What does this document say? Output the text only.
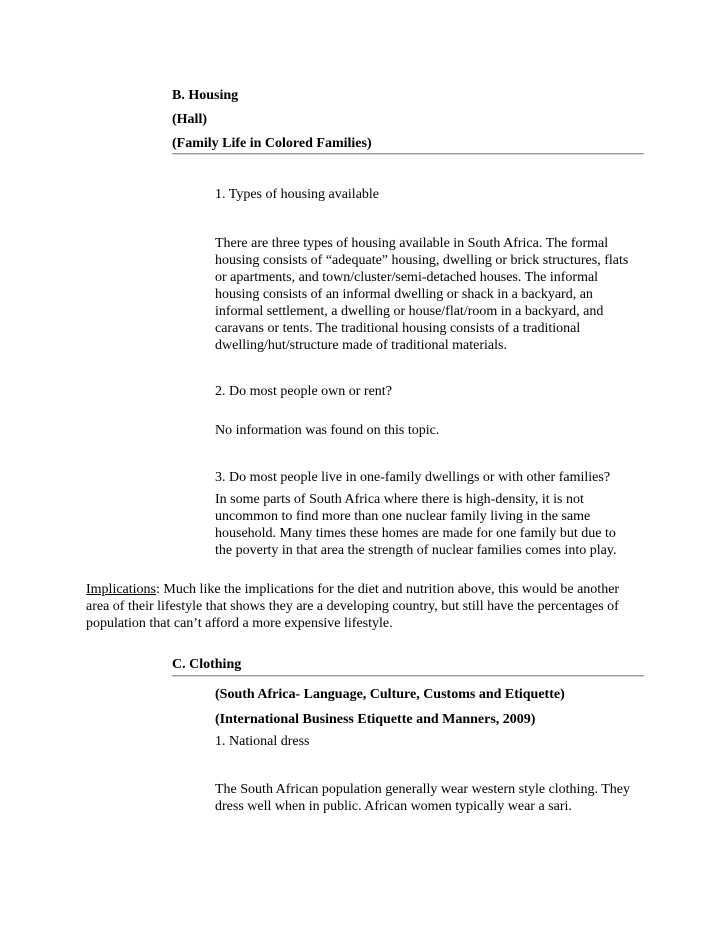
B. Housing
(Hall)
(Family Life in Colored Families)
1. Types of housing available
There are three types of housing available in South Africa. The formal
housing consists of “adequate” housing, dwelling or brick structures, flats
or apartments, and town/cluster/semi-detached houses. The informal
housing consists of an informal dwelling or shack in a backyard, an
informal settlement, a dwelling or house/flat/room in a backyard, and
caravans or tents. The traditional housing consists of a traditional
dwelling/hut/structure made of traditional materials.
2. Do most people own or rent?
No information was found on this topic.
3. Do most people live in one-family dwellings or with other families?
In some parts of South Africa where there is high-density, it is not
uncommon to find more than one nuclear family living in the same
household. Many times these homes are made for one family but due to
the poverty in that area the strength of nuclear families comes into play.
Implications: Much like the implications for the diet and nutrition above, this would be another
area of their lifestyle that shows they are a developing country, but still have the percentages of
population that can’t afford a more expensive lifestyle.
C. Clothing
(South Africa- Language, Culture, Customs and Etiquette)
(International Business Etiquette and Manners, 2009)
1. National dress
The South African population generally wear western style clothing. They
dress well when in public. African women typically wear a sari.
